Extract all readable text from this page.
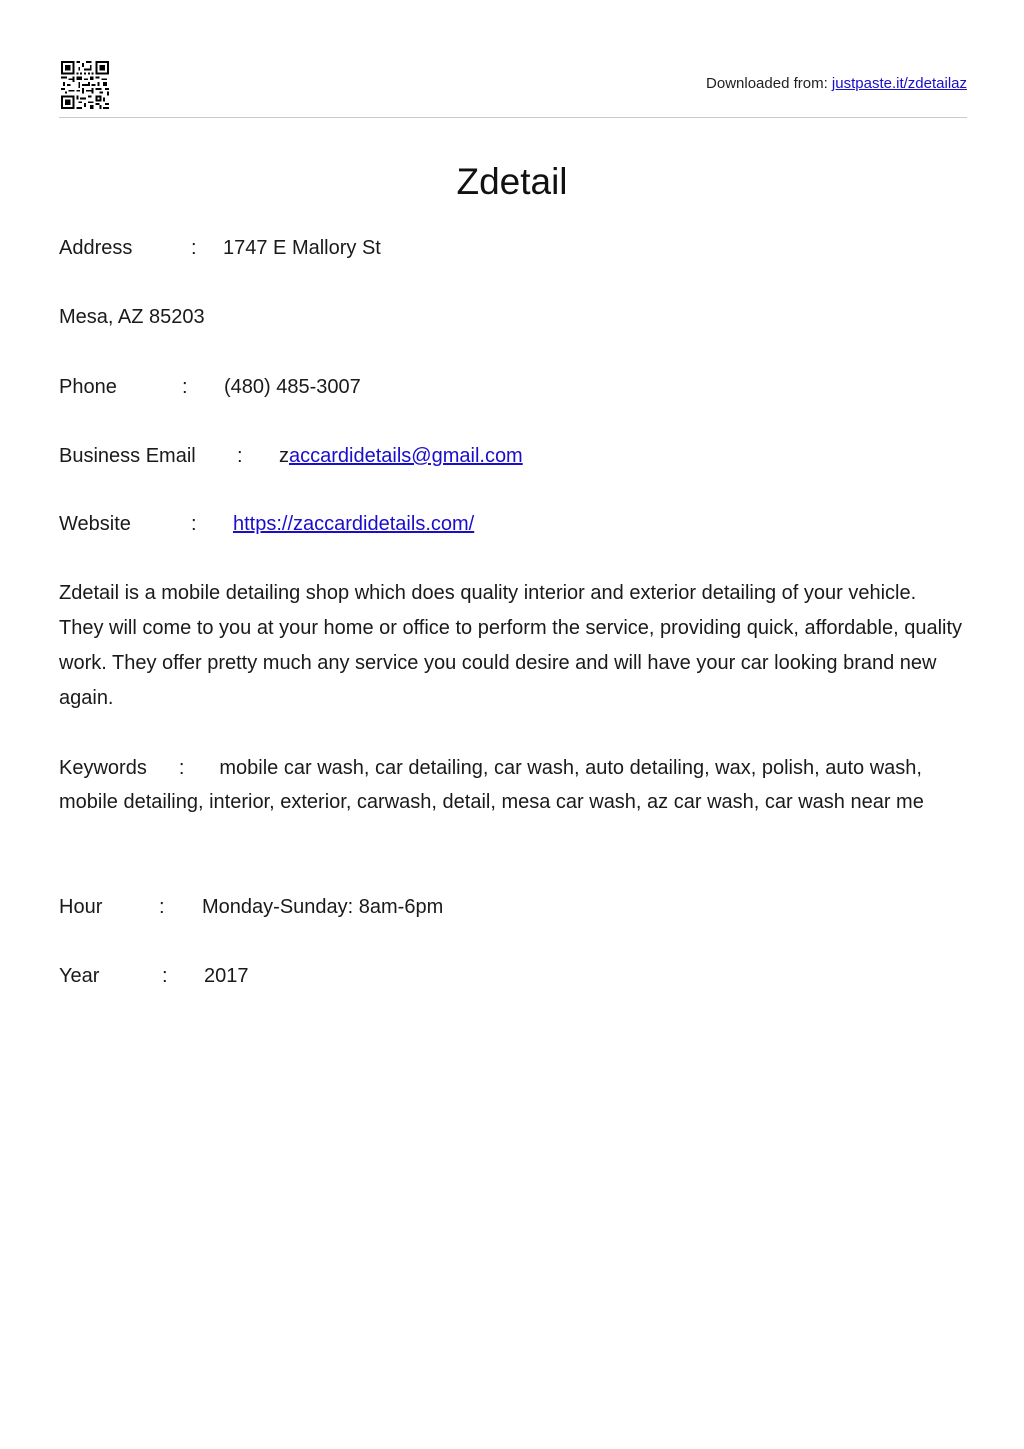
Downloaded from: justpaste.it/zdetailaz
Zdetail
Address	: 1747 E Mallory St
Mesa, AZ 85203
Phone	: (480) 485-3007
Business Email : zaccardidetails@gmail.com
Website	: https://zaccardidetails.com/
Zdetail is a mobile detailing shop which does quality interior and exterior detailing of your vehicle. They will come to you at your home or office to perform the service, providing quick, affordable, quality work. They offer pretty much any service you could desire and will have your car looking brand new again.
Keywords : mobile car wash, car detailing, car wash, auto detailing, wax, polish, auto wash, mobile detailing, interior, exterior, carwash, detail, mesa car wash, az car wash, car wash near me
Hour	: Monday-Sunday: 8am-6pm
Year	: 2017
